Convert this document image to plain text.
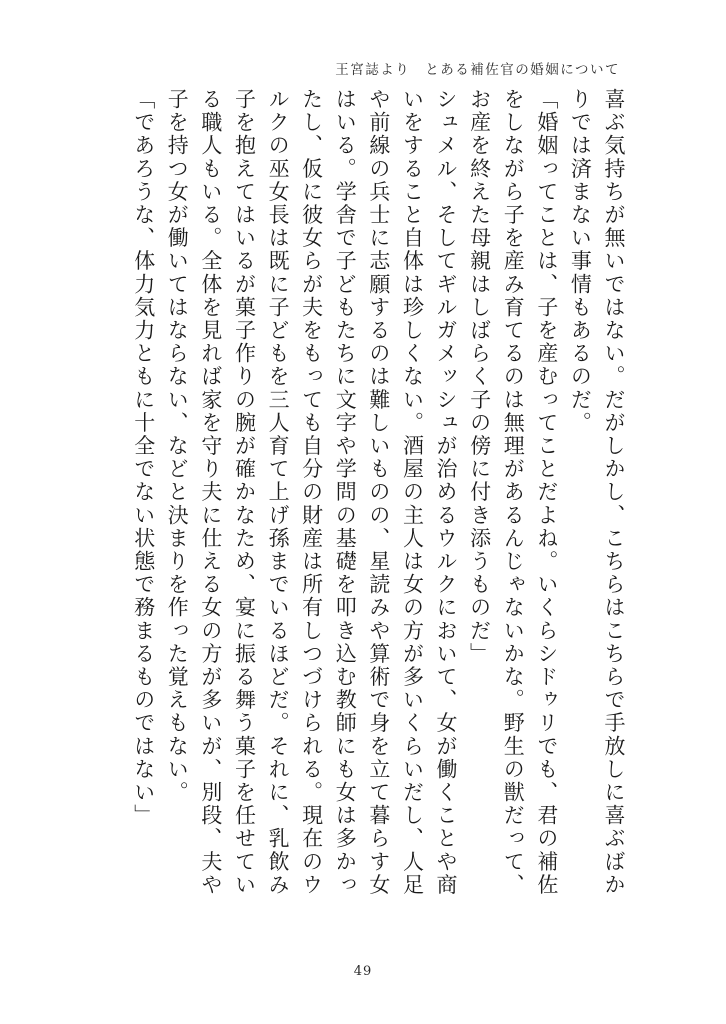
王宮誌より　とある補佐官の婚姻について

喜ぶ気持ちが無いではない。だがしかし、こちらはこちらで手放しに喜ぶばかりでは済まない事情もあるのだ。

「婚姻ってことは、子を産むってことだよね。いくらシドゥリでも、君の補佐をしながら子を産み育てるのは無理があるんじゃないかな。野生の獣だって、お産を終えた母親はしばらく子の傍に付き添うものだ」

シュメル、そしてギルガメッシュが治めるウルクにおいて、女が働くことや商いをすること自体は珍しくない。酒屋の主人は女の方が多いくらいだし、人足や前線の兵士に志願するのは難しいものの、星読みや算術で身を立て暮らす女はいる。学舎で子どもたちに文字や学問の基礎を叩き込む教師にも女は多かったし、仮に彼女らが夫をもっても自分の財産は所有しつづけられる。現在のウルクの巫女長は既に子どもを三人育て上げ孫までいるほどだ。それに、乳飲み子を抱えてはいるが菓子作りの腕が確かなため、宴に振る舞う菓子を任せている職人もいる。全体を見れば家を守り夫に仕える女の方が多いが、別段、夫や子を持つ女が働いてはならない、などと決まりを作った覚えもない。

「であろうな、体力気力ともに十全でない状態で務まるものではない」

49
